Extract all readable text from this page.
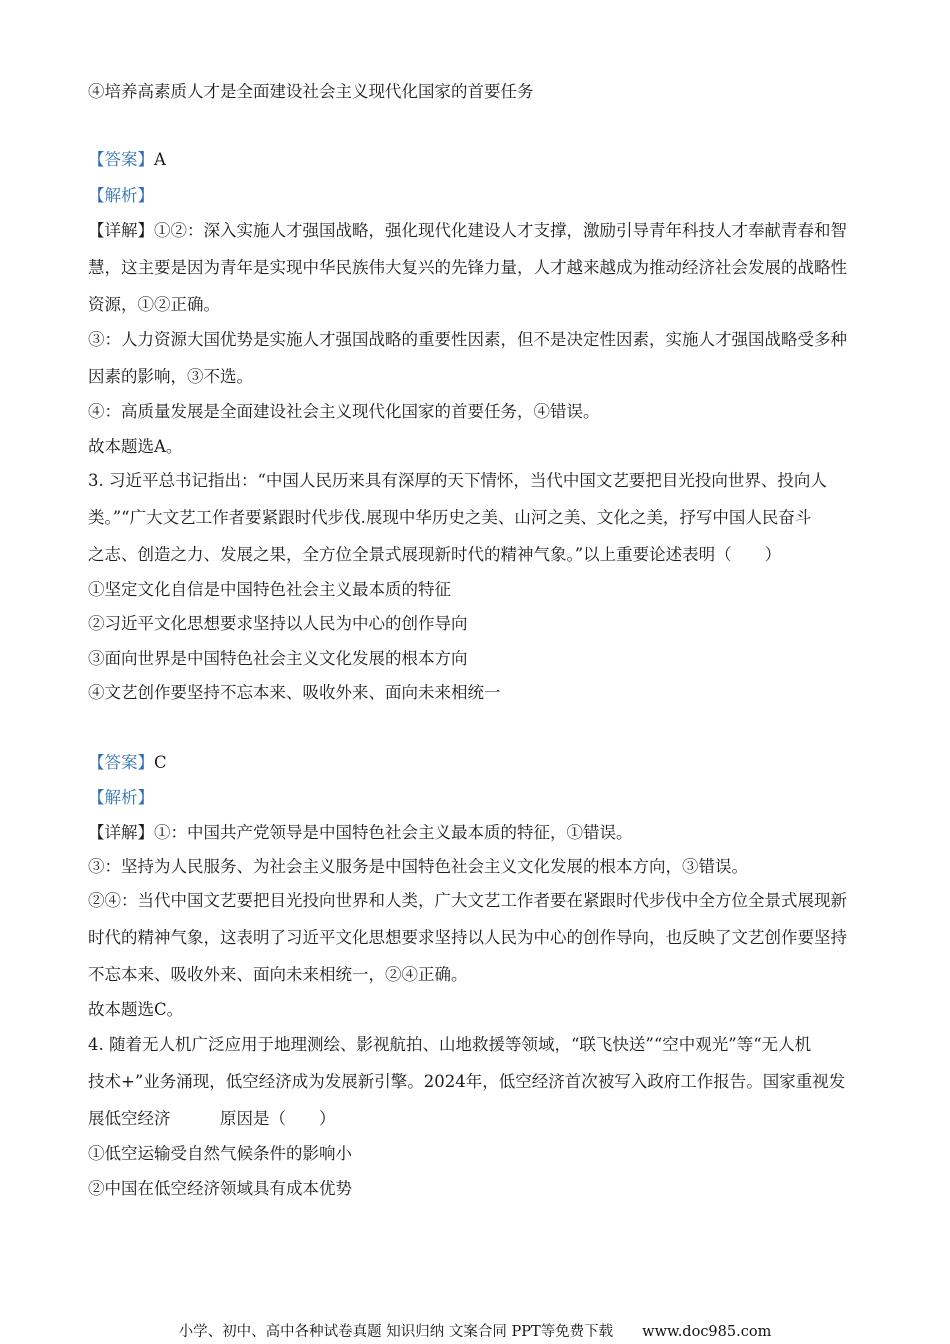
④培养高素质人才是全面建设社会主义现代化国家的首要任务
【答案】A
【解析】
【详解】①②：深入实施人才强国战略，强化现代化建设人才支撑，激励引导青年科技人才奉献青春和智
慧，这主要是因为青年是实现中华民族伟大复兴的先锋力量，人才越来越成为推动经济社会发展的战略性
资源，①②正确。
③：人力资源大国优势是实施人才强国战略的重要性因素，但不是决定性因素，实施人才强国战略受多种
因素的影响，③不选。
④：高质量发展是全面建设社会主义现代化国家的首要任务，④错误。
故本题选A。
3. 习近平总书记指出：“中国人民历来具有深厚的天下情怀，当代中国文艺要把目光投向世界、投向人
类。”“广大文艺工作者要紧跟时代步伐.展现中华历史之美、山河之美、文化之美，抒写中国人民奋斗
之志、创造之力、发展之果，全方位全景式展现新时代的精神气象。”以上重要论述表明（　　）
①坚定文化自信是中国特色社会主义最本质的特征
②习近平文化思想要求坚持以人民为中心的创作导向
③面向世界是中国特色社会主义文化发展的根本方向
④文艺创作要坚持不忘本来、吸收外来、面向未来相统一
【答案】C
【解析】
【详解】①：中国共产党领导是中国特色社会主义最本质的特征，①错误。
③：坚持为人民服务、为社会主义服务是中国特色社会主义文化发展的根本方向，③错误。
②④：当代中国文艺要把目光投向世界和人类，广大文艺工作者要在紧跟时代步伐中全方位全景式展现新
时代的精神气象，这表明了习近平文化思想要求坚持以人民为中心的创作导向，也反映了文艺创作要坚持
不忘本来、吸收外来、面向未来相统一，②④正确。
故本题选C。
4. 随着无人机广泛应用于地理测绘、影视航拍、山地救援等领域，“联飞快送”“空中观光”等“无人机
技术+”业务涌现，低空经济成为发展新引擎。2024年，低空经济首次被写入政府工作报告。国家重视发
展低空经济　　　原因是（　　）
①低空运输受自然气候条件的影响小
②中国在低空经济领域具有成本优势
小学、初中、高中各种试卷真题 知识归纳 文案合同 PPT等免费下载　　www.doc985.com
